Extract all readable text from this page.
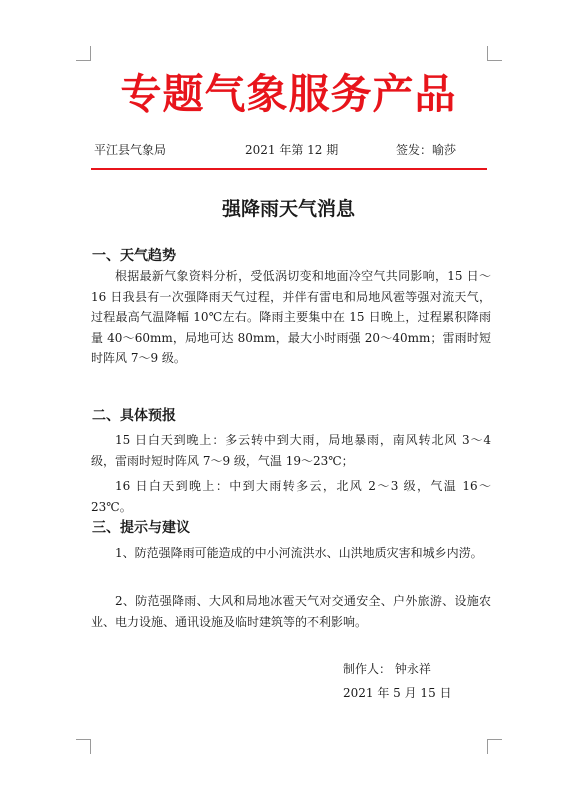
专题气象服务产品
平江县气象局	2021 年第 12 期	签发：喻莎
强降雨天气消息
一、天气趋势

根据最新气象资料分析，受低涡切变和地面冷空气共同影响，15 日～16 日我县有一次强降雨天气过程，并伴有雷电和局地风雹等强对流天气，过程最高气温降幅 10℃左右。降雨主要集中在 15 日晚上，过程累积降雨量 40～60mm，局地可达 80mm，最大小时雨强 20～40mm；雷雨时短时阵风 7～9 级。

二、具体预报

15 日白天到晚上：多云转中到大雨，局地暴雨，南风转北风 3～4 级，雷雨时短时阵风 7～9 级，气温 19～23℃；

16 日白天到晚上：中到大雨转多云，北风 2～3 级，气温 16～23℃。

三、提示与建议

1、防范强降雨可能造成的中小河流洪水、山洪地质灾害和城乡内涝。

2、防范强降雨、大风和局地冰雹天气对交通安全、户外旅游、设施农业、电力设施、通讯设施及临时建筑等的不利影响。

制作人： 钟永祥
2021 年 5 月 15 日
